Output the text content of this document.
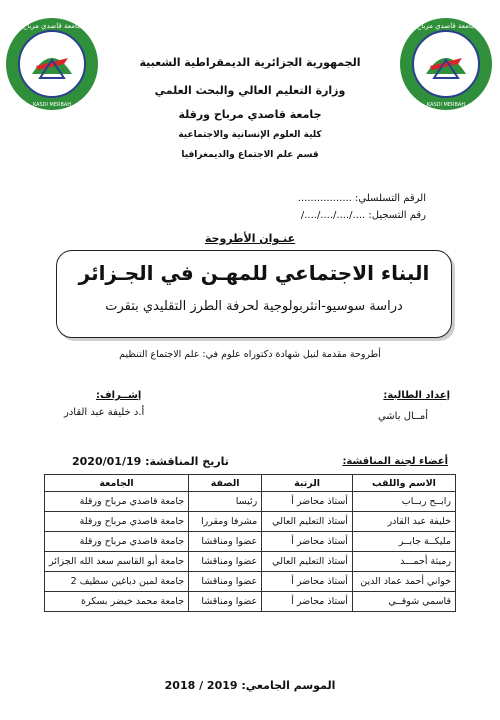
جامعة قاصدي مرباح
KASDI MERBAH
جامعة قاصدي مرباح
KASDI MERBAH
الجمهورية الجزائرية الديمقراطية الشعبية
وزارة التعليم العالي والبحث العلمي
جامعة قاصدي مرباح ورقلة
كلية العلوم الإنسانية والاجتماعية
قسم علم الاجتماع والديمغرافيا
الرقم التسلسلي: .................
رقم التسجيل: ..../..../..../..../
عنـوان الأطروحة
البناء الاجتماعي للمهـن في الجـزائر
دراسة سوسيو-انثربولوجية لحرفة الطرز التقليدي بتقرت
أطروحة مقدمة لنيل شهادة دكتوراه علوم في: علم الاجتماع التنظيم
إعداد الطالبة:
إشــراف:
أمــال باشي
أ.د خليفة عبد القادر
أعضاء لجنة المناقشة:
تاريخ المناقشة: 2020/01/19
الاسم واللقب	الرتبة	الصفة	الجامعة
رابــح ربــاب	أستاذ محاضر أ	رئيسا	جامعة قاصدي مرباح ورقلة
خليفة عبد القادر	أستاذ التعليم العالي	مشرفا ومقررا	جامعة قاصدي مرباح ورقلة
مليكــة جابــر	أستاذ محاضر أ	عضوا ومناقشا	جامعة قاصدي مرباح ورقلة
رميثة أحمـــد	أستاذ التعليم العالي	عضوا ومناقشا	جامعة أبو القاسم سعد الله الجزائر
خواني أحمد عماد الدين	أستاذ محاضر أ	عضوا ومناقشا	جامعة لمين دباغين سطيف 2
قاسمي شوقــي	أستاذ محاضر أ	عضوا ومناقشا	جامعة محمد خيضر بسكرة
الموسم الجامعي: 2018 / 2019
